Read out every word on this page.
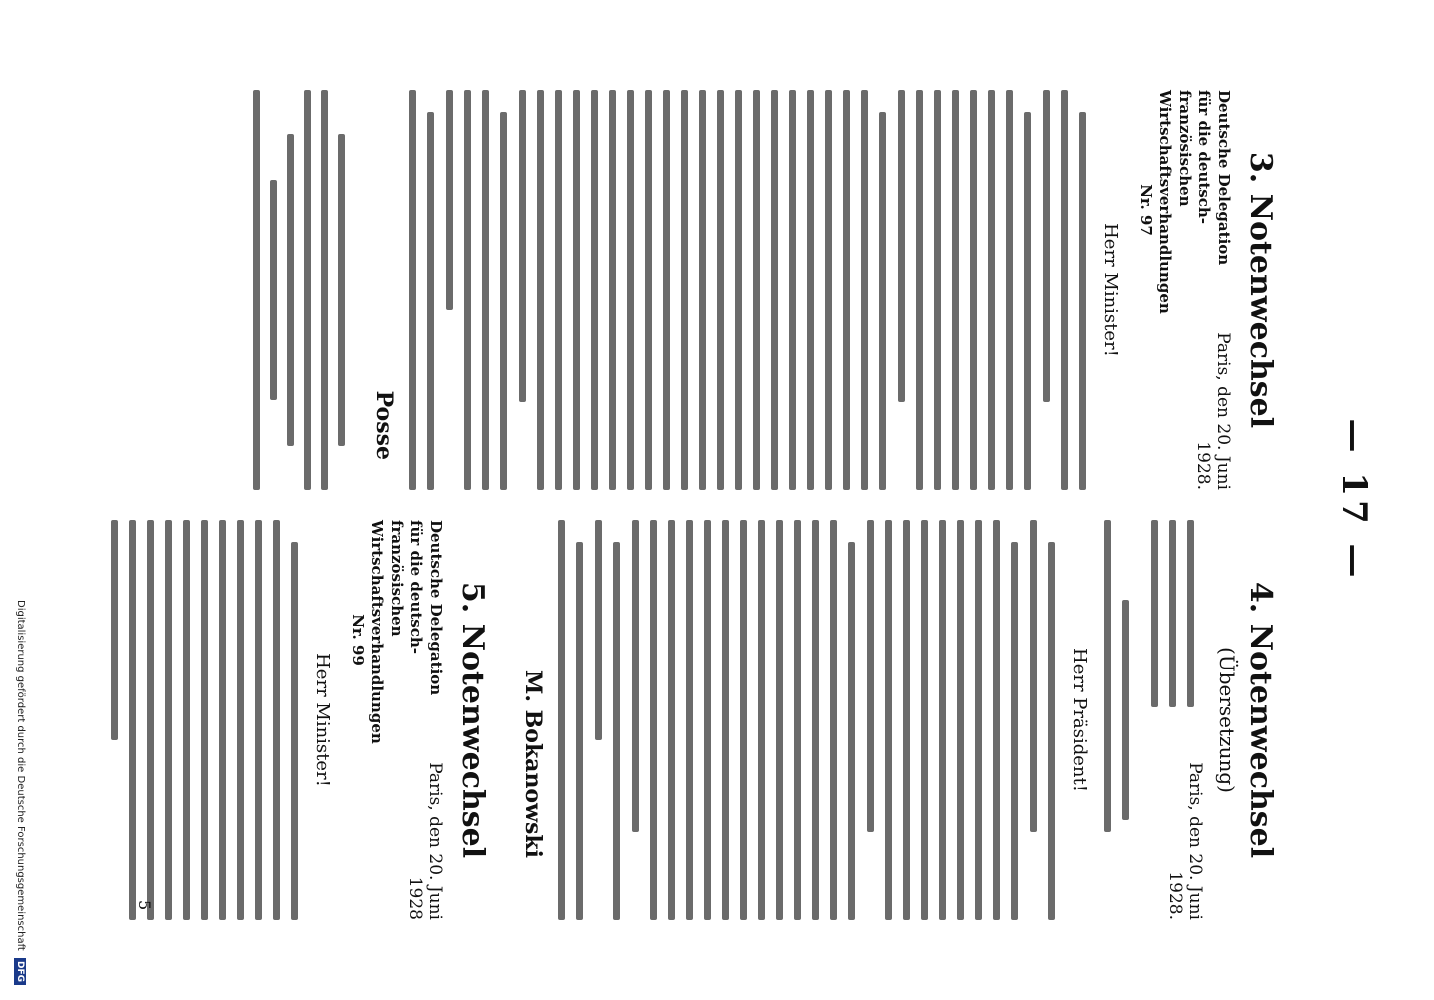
— 17 —
3. Notenwechsel
Deutsche Delegation
für die deutsch-französischen
Wirtschaftsverhandlungen
Nr. 97
Paris, den 20. Juni 1928.
Herr Minister!
Posse
4. Notenwechsel
(Übersetzung)
Paris, den 20. Juni 1928.
Herr Präsident!
M. Bokanowski
5. Notenwechsel
Deutsche Delegation
für die deutsch-französischen
Wirtschaftsverhandlungen
Nr. 99
Paris, den 20. Juni 1928
Herr Minister!
5
Digitalisierung gefördert durch die Deutsche Forschungsgemeinschaft DFG
